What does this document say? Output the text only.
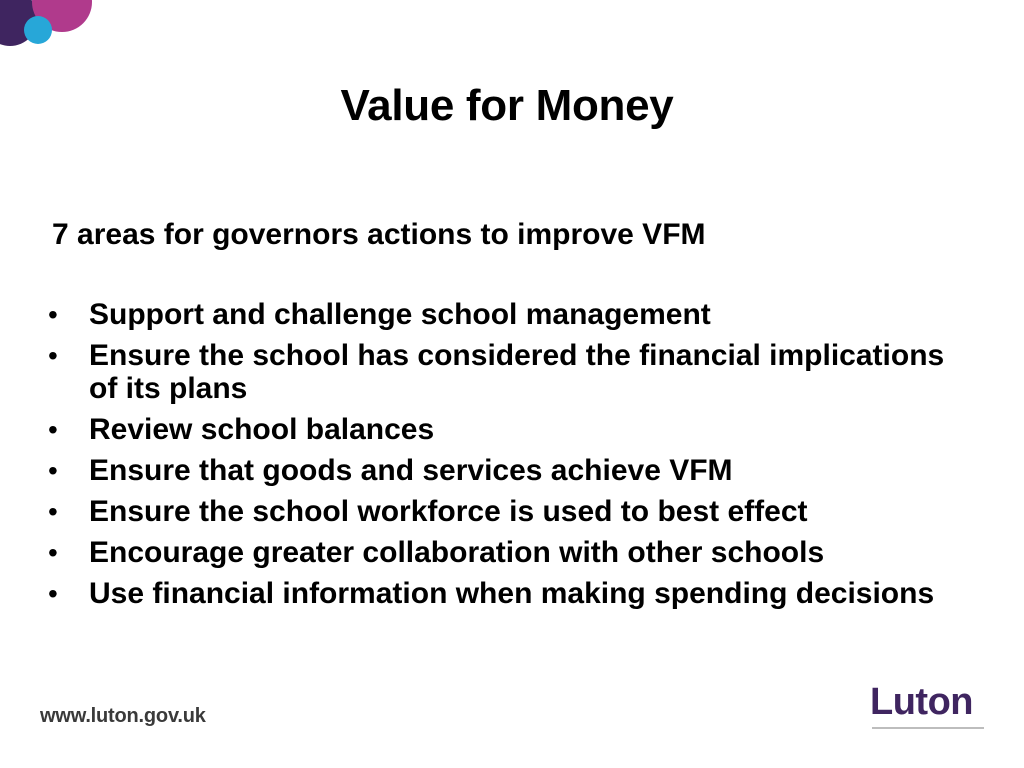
Value for Money
7 areas for governors actions to improve VFM
• Support and challenge school management
• Ensure the school has considered the financial implications of its plans
• Review school balances
• Ensure that goods and services achieve VFM
• Ensure the school workforce is used to best effect
• Encourage greater collaboration with other schools
• Use financial information when making spending decisions
www.luton.gov.uk	Luton
